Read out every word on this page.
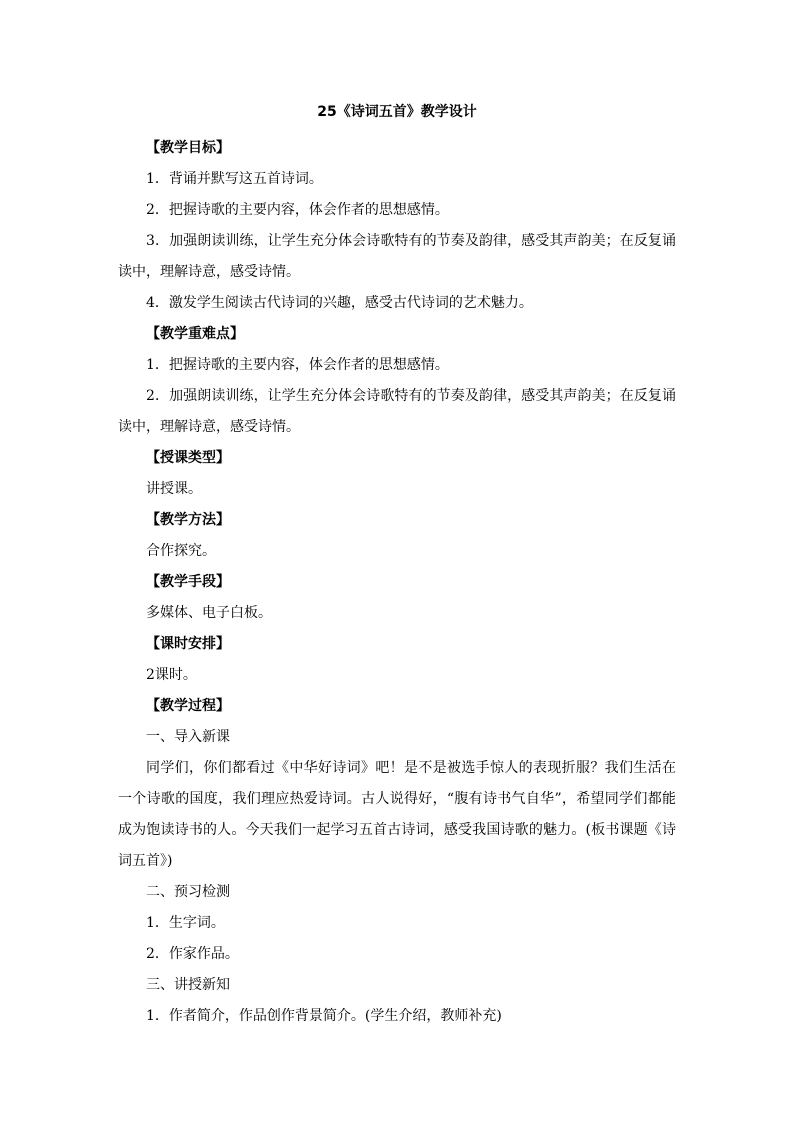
25《诗词五首》教学设计

【教学目标】

1．背诵并默写这五首诗词。

2．把握诗歌的主要内容，体会作者的思想感情。

3．加强朗读训练，让学生充分体会诗歌特有的节奏及韵律，感受其声韵美；在反复诵读中，理解诗意，感受诗情。

4．激发学生阅读古代诗词的兴趣，感受古代诗词的艺术魅力。

【教学重难点】

1．把握诗歌的主要内容，体会作者的思想感情。

2．加强朗读训练，让学生充分体会诗歌特有的节奏及韵律，感受其声韵美；在反复诵读中，理解诗意，感受诗情。

【授课类型】

讲授课。

【教学方法】

合作探究。

【教学手段】

多媒体、电子白板。

【课时安排】

2课时。

【教学过程】

一、导入新课

同学们，你们都看过《中华好诗词》吧！是不是被选手惊人的表现折服？我们生活在一个诗歌的国度，我们理应热爱诗词。古人说得好，“腹有诗书气自华”，希望同学们都能成为饱读诗书的人。今天我们一起学习五首古诗词，感受我国诗歌的魅力。(板书课题《诗词五首》)

二、预习检测

1．生字词。

2．作家作品。

三、讲授新知

1．作者简介，作品创作背景简介。(学生介绍，教师补充)
